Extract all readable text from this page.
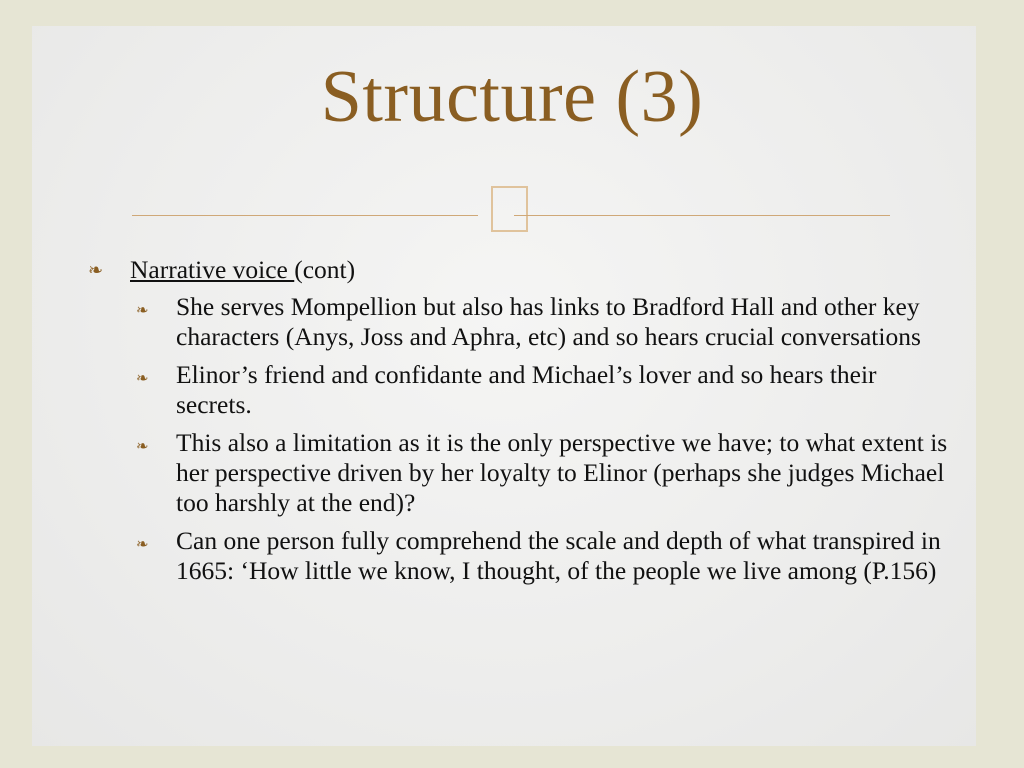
Structure (3)
❧ Narrative voice (cont)
❧ She serves Mompellion but also has links to Bradford Hall and other key characters (Anys, Joss and Aphra, etc) and so hears crucial conversations
❧ Elinor’s friend and confidante and Michael’s lover and so hears their secrets.
❧ This also a limitation as it is the only perspective we have; to what extent is her perspective driven by her loyalty to Elinor (perhaps she judges Michael too harshly at the end)?
❧ Can one person fully comprehend the scale and depth of what transpired in 1665: ‘How little we know, I thought, of the people we live among (P.156)
